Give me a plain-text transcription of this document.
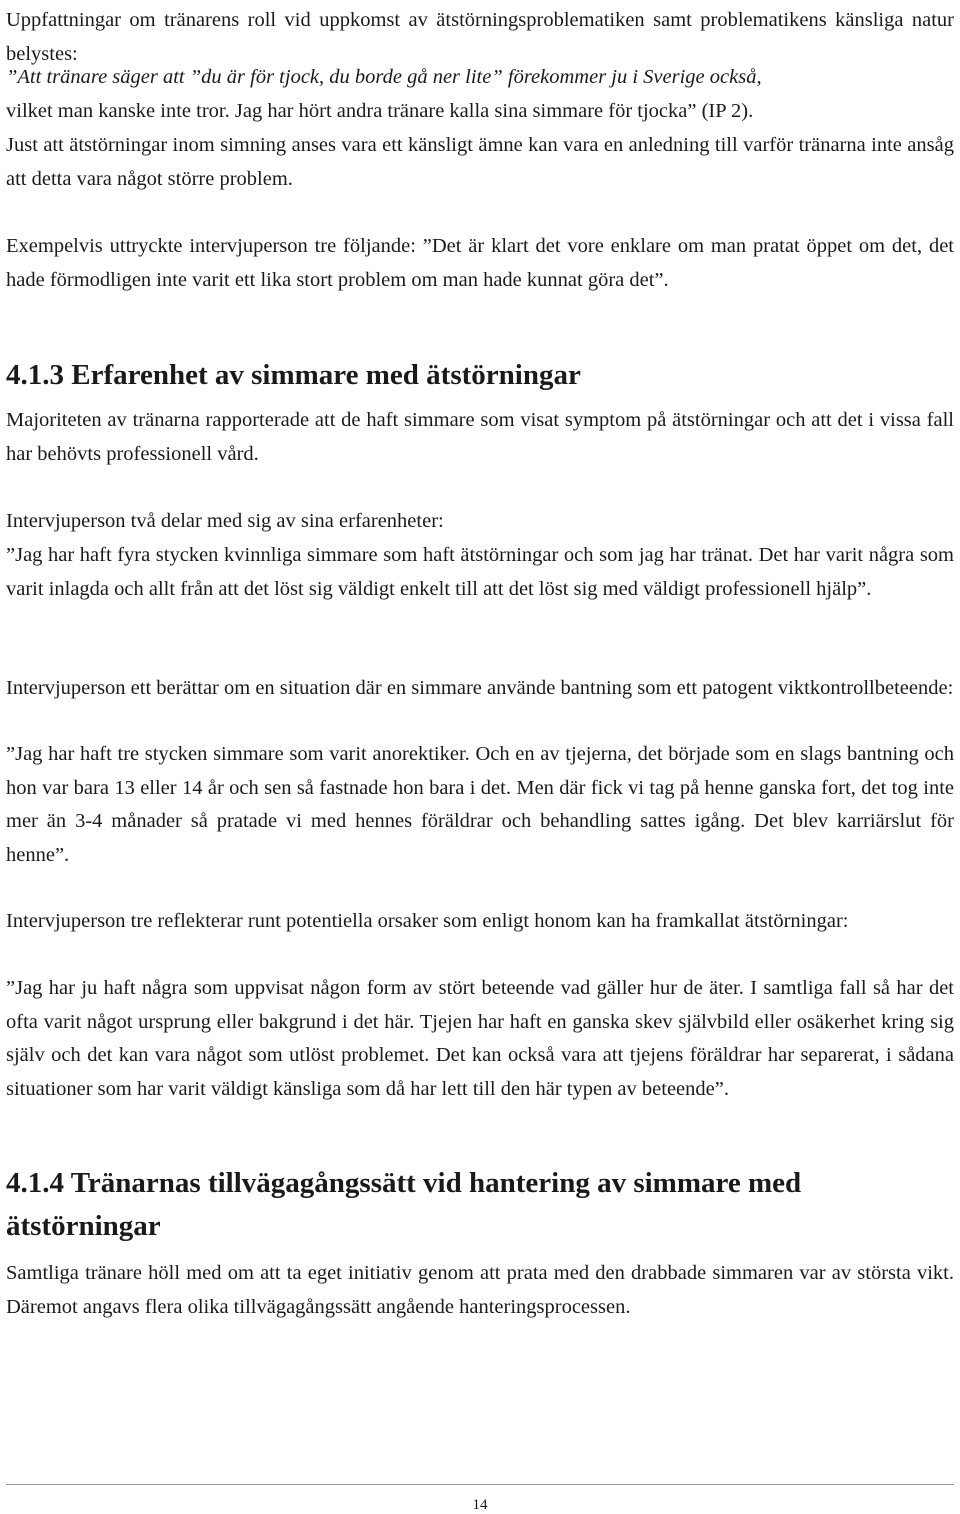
Uppfattningar om tränarens roll vid uppkomst av ätstörningsproblematiken samt problematikens känsliga natur belystes:

”Att tränare säger att ”du är för tjock, du borde gå ner lite” förekommer ju i Sverige också,

vilket man kanske inte tror. Jag har hört andra tränare kalla sina simmare för tjocka” (IP 2).

Just att ätstörningar inom simning anses vara ett känsligt ämne kan vara en anledning till varför tränarna inte ansåg att detta vara något större problem.

Exempelvis uttryckte intervjuperson tre följande: ”Det är klart det vore enklare om man pratat öppet om det, det hade förmodligen inte varit ett lika stort problem om man hade kunnat göra det”.

4.1.3 Erfarenhet av simmare med ätstörningar

Majoriteten av tränarna rapporterade att de haft simmare som visat symptom på ätstörningar och att det i vissa fall har behövts professionell vård.

Intervjuperson två delar med sig av sina erfarenheter:

”Jag har haft fyra stycken kvinnliga simmare som haft ätstörningar och som jag har tränat. Det har varit några som varit inlagda och allt från att det löst sig väldigt enkelt till att det löst sig med väldigt professionell hjälp”.

Intervjuperson ett berättar om en situation där en simmare använde bantning som ett patogent viktkontrollbeteende:

”Jag har haft tre stycken simmare som varit anorektiker. Och en av tjejerna, det började som en slags bantning och hon var bara 13 eller 14 år och sen så fastnade hon bara i det. Men där fick vi tag på henne ganska fort, det tog inte mer än 3-4 månader så pratade vi med hennes föräldrar och behandling sattes igång. Det blev karriärslut för henne”.

Intervjuperson tre reflekterar runt potentiella orsaker som enligt honom kan ha framkallat ätstörningar:

”Jag har ju haft några som uppvisat någon form av stört beteende vad gäller hur de äter. I samtliga fall så har det ofta varit något ursprung eller bakgrund i det här. Tjejen har haft en ganska skev självbild eller osäkerhet kring sig själv och det kan vara något som utlöst problemet. Det kan också vara att tjejens föräldrar har separerat, i sådana situationer som har varit väldigt känsliga som då har lett till den här typen av beteende”.

4.1.4 Tränarnas tillvägagångssätt vid hantering av simmare med ätstörningar

Samtliga tränare höll med om att ta eget initiativ genom att prata med den drabbade simmaren var av största vikt. Däremot angavs flera olika tillvägagångssätt angående hanteringsprocessen.

14
